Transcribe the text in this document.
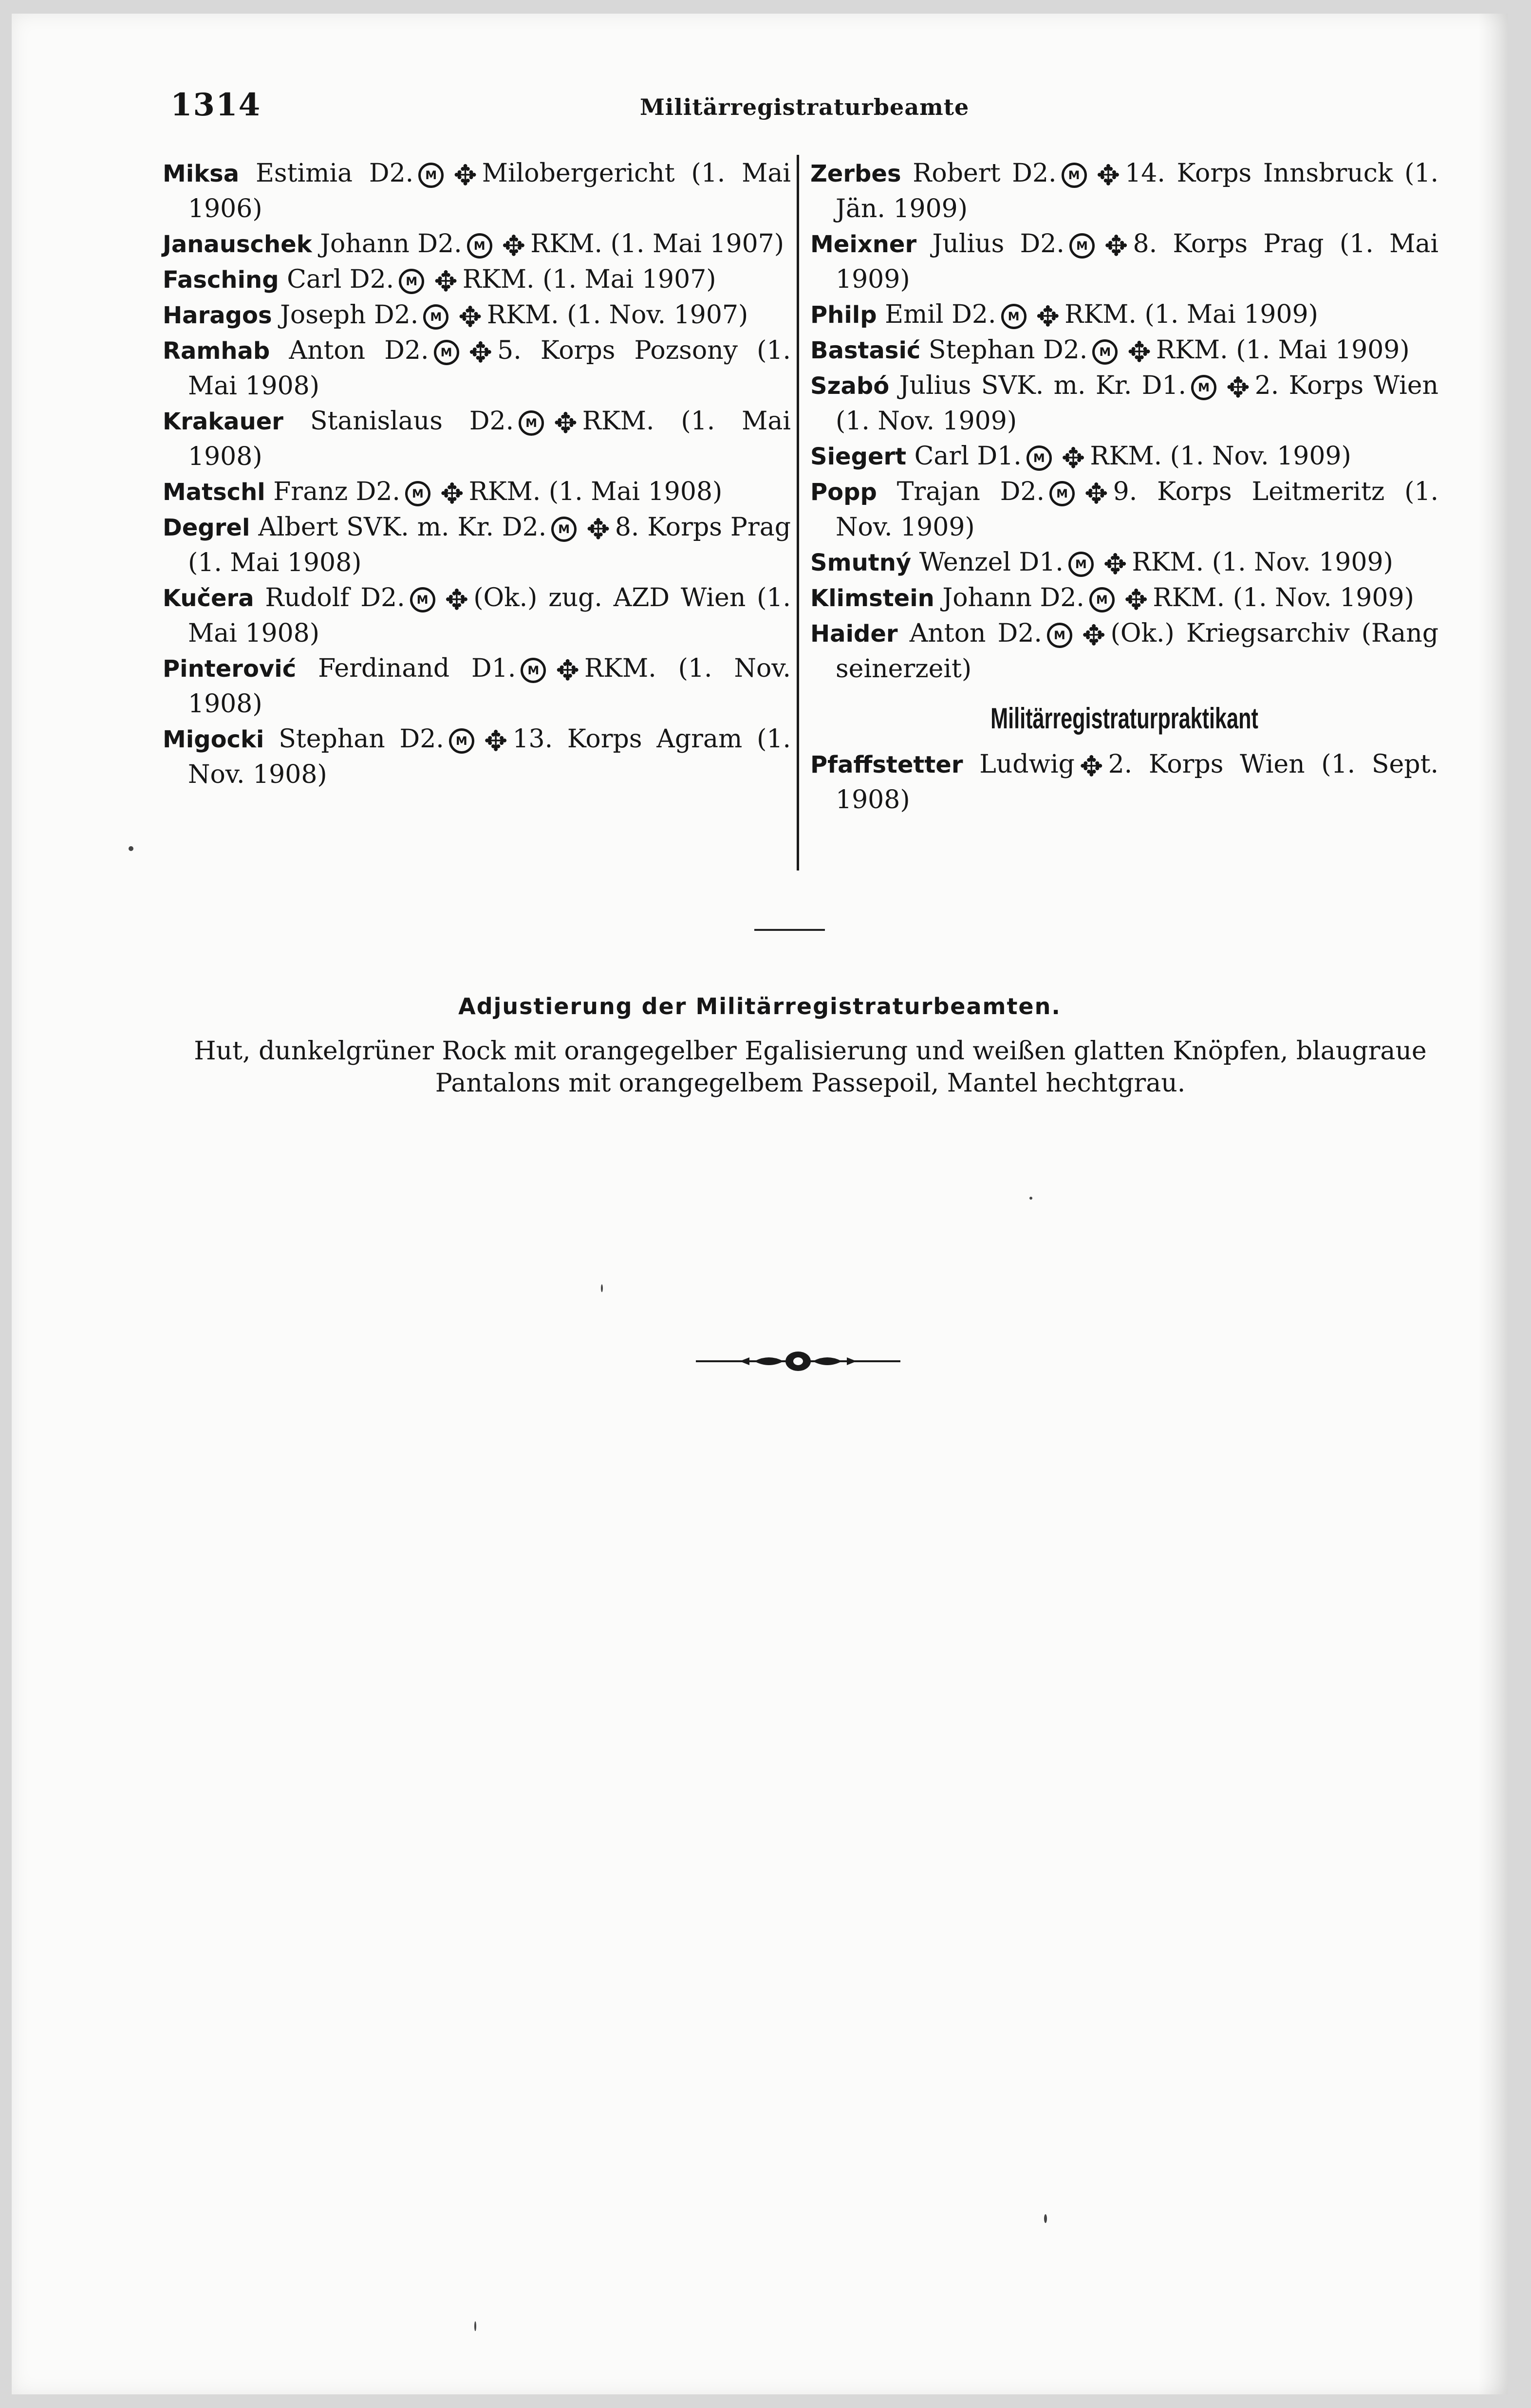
1314	Militärregistraturbeamte

Miksa Estimia D2. M ✥ Milobergericht (1. Mai 1906)

Janauschek Johann D2. M ✥ RKM. (1. Mai 1907)

Fasching Carl D2. M ✥ RKM. (1. Mai 1907)

Haragos Joseph D2. M ✥ RKM. (1. Nov. 1907)

Ramhab Anton D2. M ✥ 5. Korps Pozsony (1. Mai 1908)

Krakauer Stanislaus D2. M ✥ RKM. (1. Mai 1908)

Matschl Franz D2. M ✥ RKM. (1. Mai 1908)

Degrel Albert SVK. m. Kr. D2. M ✥ 8. Korps Prag (1. Mai 1908)

Kučera Rudolf D2. M ✥ (Ok.) zug. AZD Wien (1. Mai 1908)

Pinterović Ferdinand D1. M ✥ RKM. (1. Nov. 1908)

Migocki Stephan D2. M ✥ 13. Korps Agram (1. Nov. 1908)

Zerbes Robert D2. M ✥ 14. Korps Innsbruck (1. Jän. 1909)

Meixner Julius D2. M ✥ 8. Korps Prag (1. Mai 1909)

Philp Emil D2. M ✥ RKM. (1. Mai 1909)

Bastasić Stephan D2. M ✥ RKM. (1. Mai 1909)

Szabó Julius SVK. m. Kr. D1. M ✥ 2. Korps Wien (1. Nov. 1909)

Siegert Carl D1. M ✥ RKM. (1. Nov. 1909)

Popp Trajan D2. M ✥ 9. Korps Leitmeritz (1. Nov. 1909)

Smutný Wenzel D1. M ✥ RKM. (1. Nov. 1909)

Klimstein Johann D2. M ✥ RKM. (1. Nov. 1909)

Haider Anton D2. M ✥ (Ok.) Kriegsarchiv (Rang seinerzeit)

Militärregistraturpraktikant

Pfaffstetter Ludwig ✥ 2. Korps Wien (1. Sept. 1908)

Adjustierung der Militärregistraturbeamten.
Hut, dunkelgrüner Rock mit orangegelber Egalisierung und weißen glatten Knöpfen, blaugraue Pantalons mit orangegelbem Passepoil, Mantel hechtgrau.
